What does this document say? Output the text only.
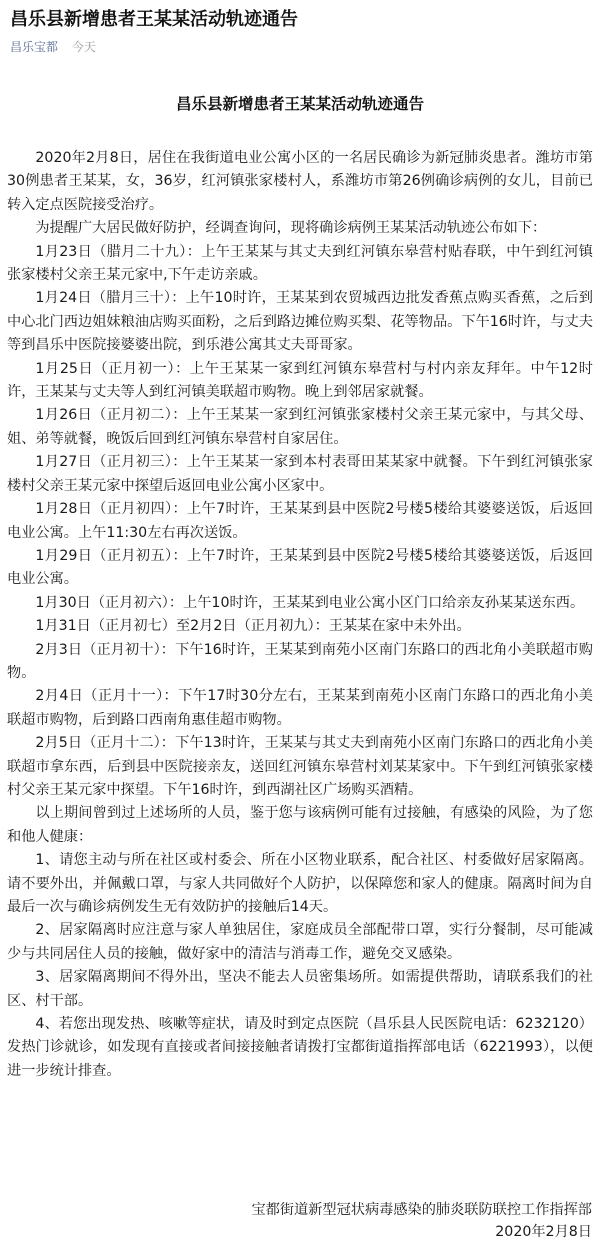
昌乐县新增患者王某某活动轨迹通告
昌乐宝都 今天
昌乐县新增患者王某某活动轨迹通告

2020年2月8日，居住在我街道电业公寓小区的一名居民确诊为新冠肺炎患者。潍坊市第30例患者王某某，女，36岁，红河镇张家楼村人，系潍坊市第26例确诊病例的女儿，目前已转入定点医院接受治疗。

为提醒广大居民做好防护，经调查询问，现将确诊病例王某某活动轨迹公布如下：

1月23日（腊月二十九）：上午王某某与其丈夫到红河镇东皋营村贴春联，中午到红河镇张家楼村父亲王某元家中,下午走访亲戚。

1月24日（腊月三十）：上午10时许，王某某到农贸城西边批发香蕉点购买香蕉，之后到中心北门西边姐妹粮油店购买面粉，之后到路边摊位购买梨、花等物品。下午16时许，与丈夫等到昌乐中医院接婆婆出院，到乐港公寓其丈夫哥哥家。

1月25日（正月初一）：上午王某某一家到红河镇东皋营村与村内亲友拜年。中午12时许，王某某与丈夫等人到红河镇美联超市购物。晚上到邻居家就餐。

1月26日（正月初二）：上午王某某一家到红河镇张家楼村父亲王某元家中，与其父母、姐、弟等就餐，晚饭后回到红河镇东皋营村自家居住。

1月27日（正月初三）：上午王某某一家到本村表哥田某某家中就餐。下午到红河镇张家楼村父亲王某元家中探望后返回电业公寓小区家中。

1月28日（正月初四）：上午7时许，王某某到县中医院2号楼5楼给其婆婆送饭，后返回电业公寓。上午11:30左右再次送饭。

1月29日（正月初五）：上午7时许，王某某到县中医院2号楼5楼给其婆婆送饭，后返回电业公寓。

1月30日（正月初六）：上午10时许，王某某到电业公寓小区门口给亲友孙某某送东西。

1月31日（正月初七）至2月2日（正月初九）：王某某在家中未外出。

2月3日（正月初十）：下午16时许，王某某到南苑小区南门东路口的西北角小美联超市购物。

2月4日（正月十一）：下午17时30分左右，王某某到南苑小区南门东路口的西北角小美联超市购物，后到路口西南角惠佳超市购物。

2月5日（正月十二）：下午13时许，王某某与其丈夫到南苑小区南门东路口的西北角小美联超市拿东西，后到县中医院接亲友，送回红河镇东皋营村刘某某家中。下午到红河镇张家楼村父亲王某元家中探望。下午16时许，到西湖社区广场购买酒精。

以上期间曾到过上述场所的人员，鉴于您与该病例可能有过接触，有感染的风险，为了您和他人健康：

1、请您主动与所在社区或村委会、所在小区物业联系，配合社区、村委做好居家隔离。请不要外出，并佩戴口罩，与家人共同做好个人防护，以保障您和家人的健康。隔离时间为自最后一次与确诊病例发生无有效防护的接触后14天。

2、居家隔离时应注意与家人单独居住，家庭成员全部配带口罩，实行分餐制，尽可能减少与共同居住人员的接触，做好家中的清洁与消毒工作，避免交叉感染。

3、居家隔离期间不得外出，坚决不能去人员密集场所。如需提供帮助，请联系我们的社区、村干部。

4、若您出现发热、咳嗽等症状，请及时到定点医院（昌乐县人民医院电话：6232120）发热门诊就诊，如发现有直接或者间接接触者请拨打宝都街道指挥部电话（6221993），以便进一步统计排查。

宝都街道新型冠状病毒感染的肺炎联防联控工作指挥部
2020年2月8日
